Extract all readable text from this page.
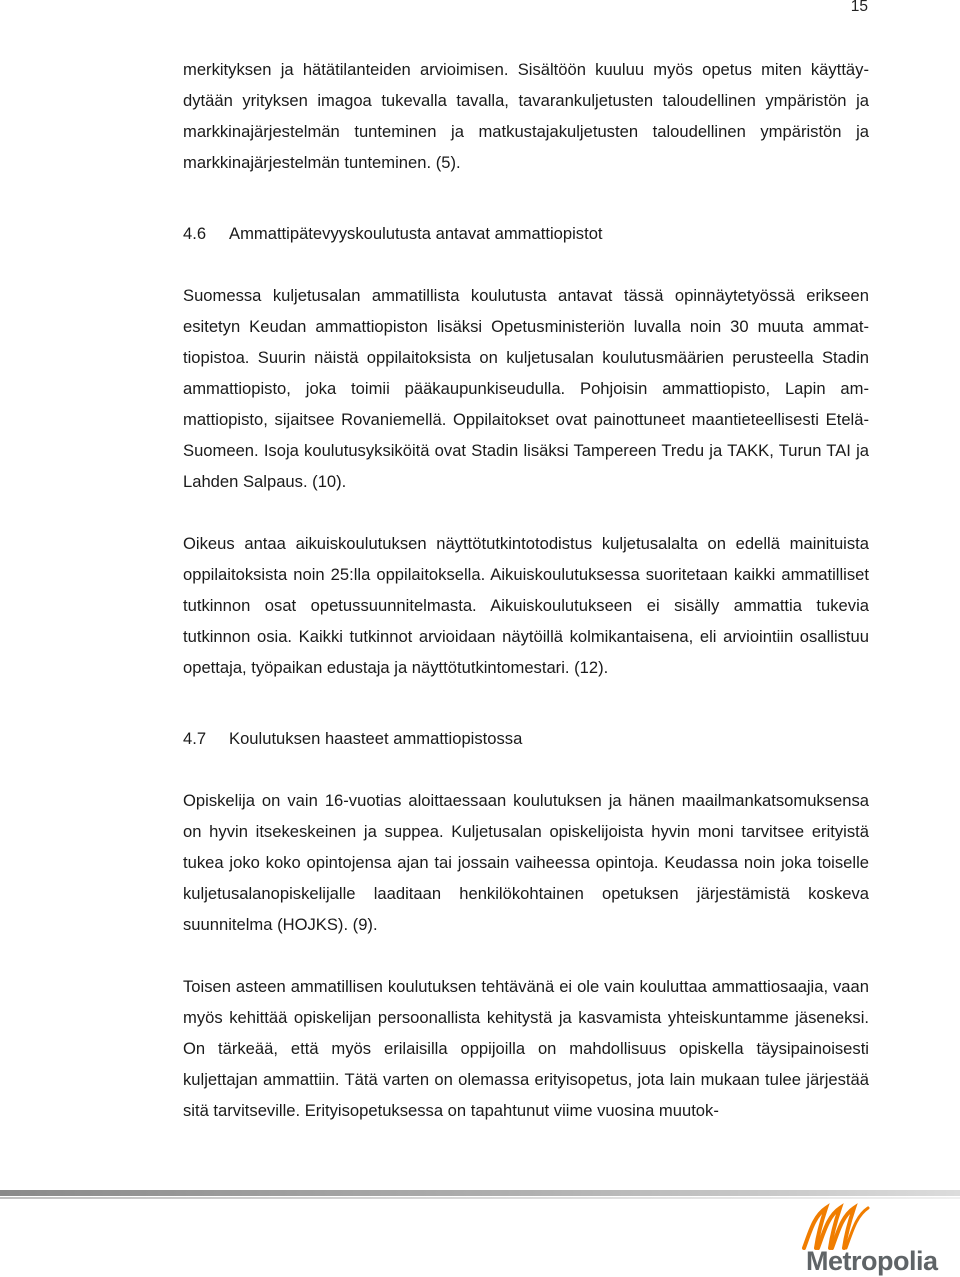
15

merkityksen ja hätätilanteiden arvioimisen. Sisältöön kuuluu myös opetus miten käyttäydytään yrityksen imagoa tukevalla tavalla, tavarankuljetusten taloudellinen ympäristön ja markkinajärjestelmän tunteminen ja matkustajakuljetusten taloudellinen ympäristön ja markkinajärjestelmän tunteminen. (5).

4.6	Ammattipätevyyskoulutusta antavat ammattiopistot

Suomessa kuljetusalan ammatillista koulutusta antavat tässä opinnäytetyössä erikseen esitetyn Keudan ammattiopiston lisäksi Opetusministeriön luvalla noin 30 muuta ammattiopistoa. Suurin näistä oppilaitoksista on kuljetusalan koulutusmäärien perusteella Stadin ammattiopisto, joka toimii pääkaupunkiseudulla. Pohjoisin ammattiopisto, Lapin ammattiopisto, sijaitsee Rovaniemellä. Oppilaitokset ovat painottuneet maantieteellisesti Etelä-Suomeen. Isoja koulutusyksiköitä ovat Stadin lisäksi Tampereen Tredu ja TAKK, Turun TAI ja Lahden Salpaus. (10).

Oikeus antaa aikuiskoulutuksen näyttötutkintotodistus kuljetusalalta on edellä mainituista oppilaitoksista noin 25:lla oppilaitoksella. Aikuiskoulutuksessa suoritetaan kaikki ammatilliset tutkinnon osat opetussuunnitelmasta. Aikuiskoulutukseen ei sisälly ammattia tukevia tutkinnon osia. Kaikki tutkinnot arvioidaan näytöillä kolmikantaisena, eli arviointiin osallistuu opettaja, työpaikan edustaja ja näyttötutkintomestari. (12).

4.7	Koulutuksen haasteet ammattiopistossa

Opiskelija on vain 16-vuotias aloittaessaan koulutuksen ja hänen maailmankatsomuksensa on hyvin itsekeskeinen ja suppea. Kuljetusalan opiskelijoista hyvin moni tarvitsee erityistä tukea joko koko opintojensa ajan tai jossain vaiheessa opintoja. Keudassa noin joka toiselle kuljetusalanopiskelijalle laaditaan henkilökohtainen opetuksen järjestämistä koskeva suunnitelma (HOJKS). (9).

Toisen asteen ammatillisen koulutuksen tehtävänä ei ole vain kouluttaa ammattiosaajia, vaan myös kehittää opiskelijan persoonallista kehitystä ja kasvamista yhteiskuntamme jäseneksi. On tärkeää, että myös erilaisilla oppijoilla on mahdollisuus opiskella täysipainoisesti kuljettajan ammattiin. Tätä varten on olemassa erityisopetus, jota lain mukaan tulee järjestää sitä tarvitseville. Erityisopetuksessa on tapahtunut viime vuosina muutok-

Metropolia
